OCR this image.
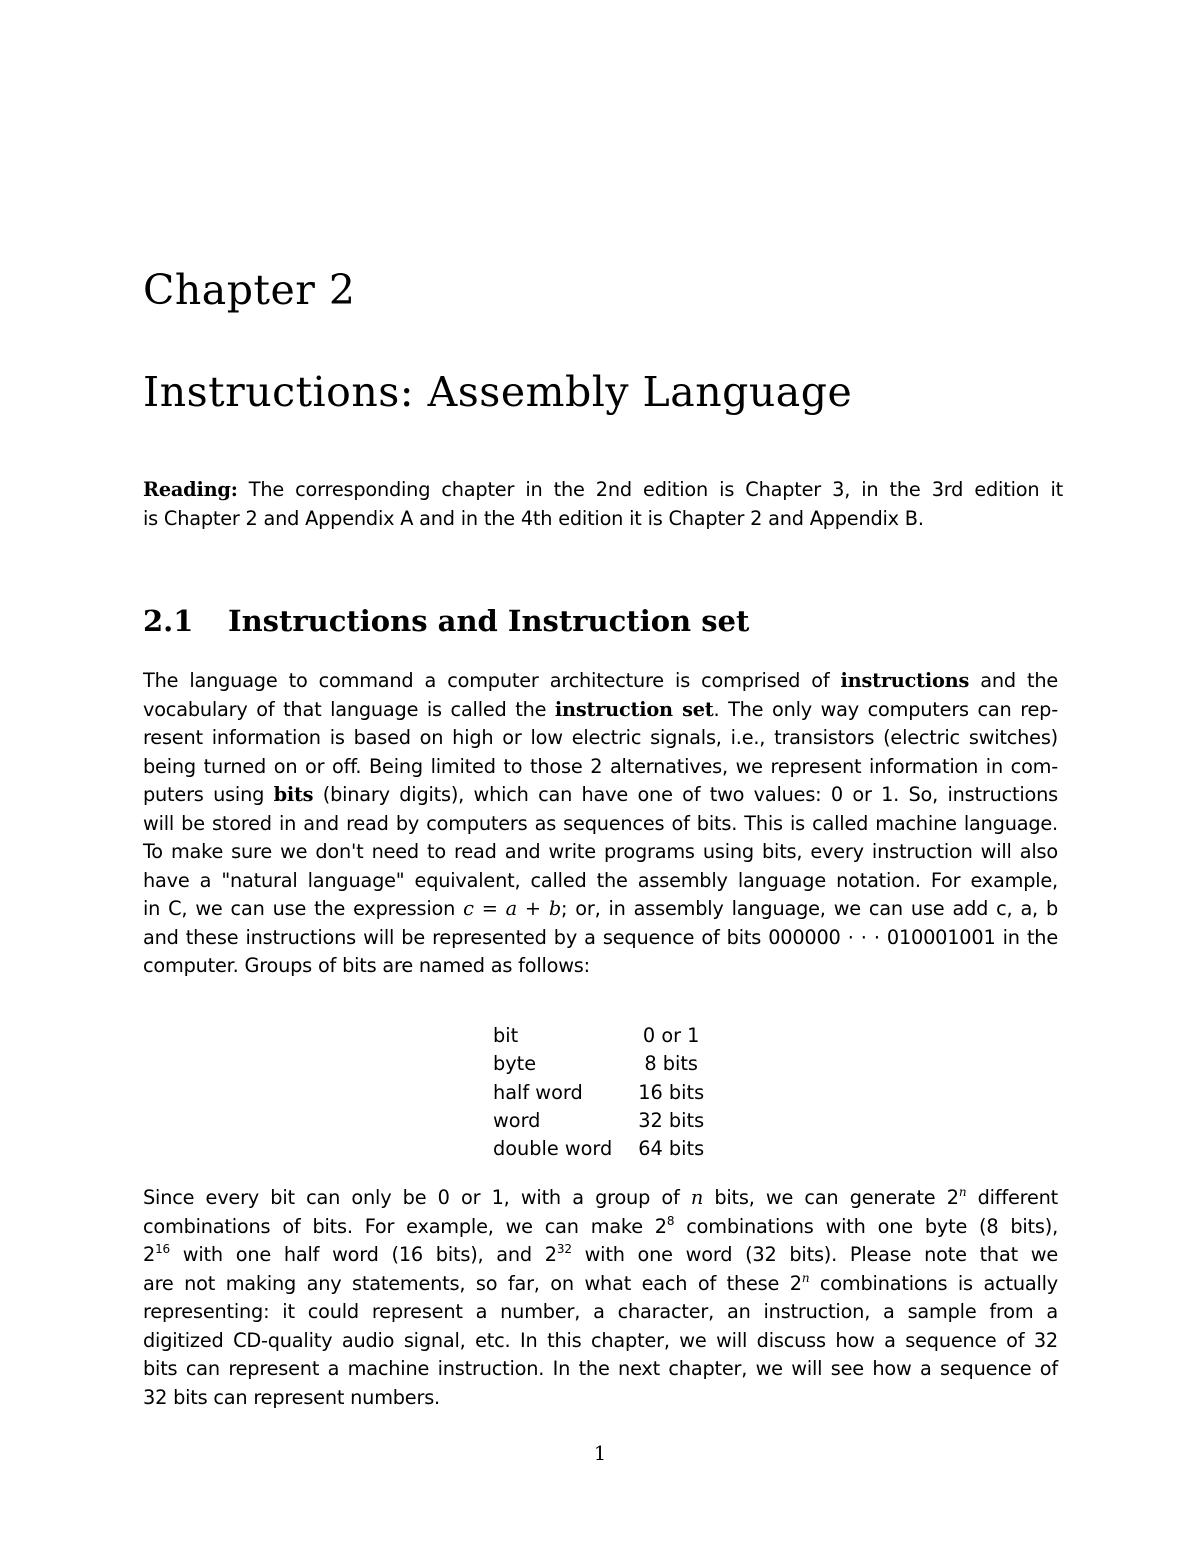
Chapter 2
Instructions: Assembly Language

Reading: The corresponding chapter in the 2nd edition is Chapter 3, in the 3rd edition it
is Chapter 2 and Appendix A and in the 4th edition it is Chapter 2 and Appendix B.

2.1 Instructions and Instruction set

The language to command a computer architecture is comprised of instructions and the
vocabulary of that language is called the instruction set. The only way computers can rep-
resent information is based on high or low electric signals, i.e., transistors (electric switches)
being turned on or off. Being limited to those 2 alternatives, we represent information in com-
puters using bits (binary digits), which can have one of two values: 0 or 1. So, instructions
will be stored in and read by computers as sequences of bits. This is called machine language.
To make sure we don't need to read and write programs using bits, every instruction will also
have a "natural language" equivalent, called the assembly language notation. For example,
in C, we can use the expression c = a + b; or, in assembly language, we can use add c, a, b
and these instructions will be represented by a sequence of bits 000000 · · · 010001001 in the
computer. Groups of bits are named as follows:

bit	0 or 1
byte	8 bits
half word	16 bits
word	32 bits
double word	64 bits

Since every bit can only be 0 or 1, with a group of n bits, we can generate 2$^n$ different
combinations of bits. For example, we can make $2^8$ combinations with one byte (8 bits),
$2^{16}$ with one half word (16 bits), and $2^{32}$ with one word (32 bits). Please note that we
are not making any statements, so far, on what each of these 2$^n$ combinations is actually
representing: it could represent a number, a character, an instruction, a sample from a
digitized CD-quality audio signal, etc. In this chapter, we will discuss how a sequence of 32
bits can represent a machine instruction. In the next chapter, we will see how a sequence of
32 bits can represent numbers.

1
